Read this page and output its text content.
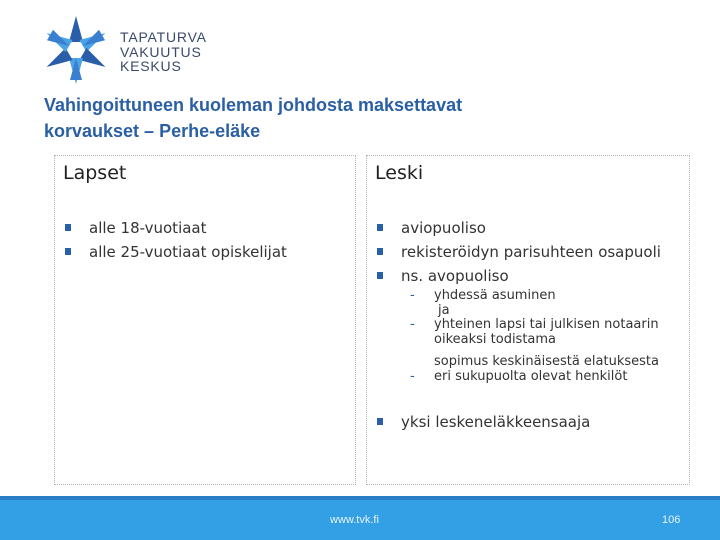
TAPATURVA
VAKUUTUS
KESKUS
Vahingoittuneen kuoleman johdosta maksettavat
korvaukset – Perhe-eläke
Lapset
alle 18-vuotiaat
alle 25-vuotiaat opiskelijat
Leski
aviopuoliso
rekisteröidyn parisuhteen osapuoli
ns. avopuoliso
- yhdessä asuminen
ja
- yhteinen lapsi tai julkisen notaarin
oikeaksi todistama
sopimus keskinäisestä elatuksesta
- eri sukupuolta olevat henkilöt
yksi leskeneläkkeensaaja
www.tvk.fi	106
